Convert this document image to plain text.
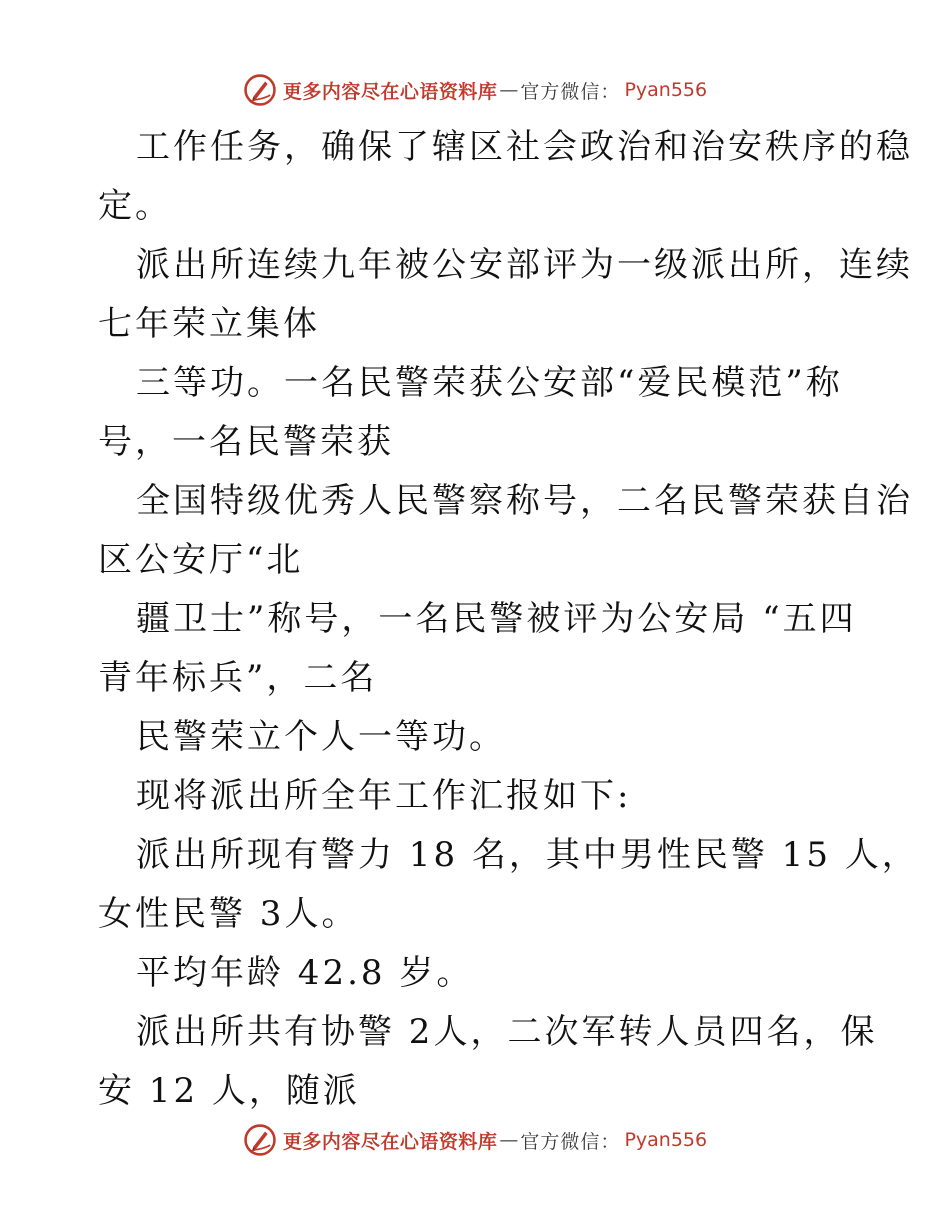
更多内容尽在心语资料库 — 官方微信： Pyan556

工作任务，确保了辖区社会政治和治安秩序的稳

定。

派出所连续九年被公安部评为一级派出所，连续

七年荣立集体

三等功。一名民警荣获公安部“爱民模范”称

号，一名民警荣获

全国特级优秀人民警察称号，二名民警荣获自治

区公安厅“北

疆卫士”称号，一名民警被评为公安局 “五四

青年标兵”，二名

民警荣立个人一等功。

现将派出所全年工作汇报如下:

派出所现有警力 18 名，其中男性民警 15 人，

女性民警 3人。

平均年龄 42.8 岁。

派出所共有协警 2人，二次军转人员四名，保

安 12 人，随派

更多内容尽在心语资料库 — 官方微信： Pyan556
